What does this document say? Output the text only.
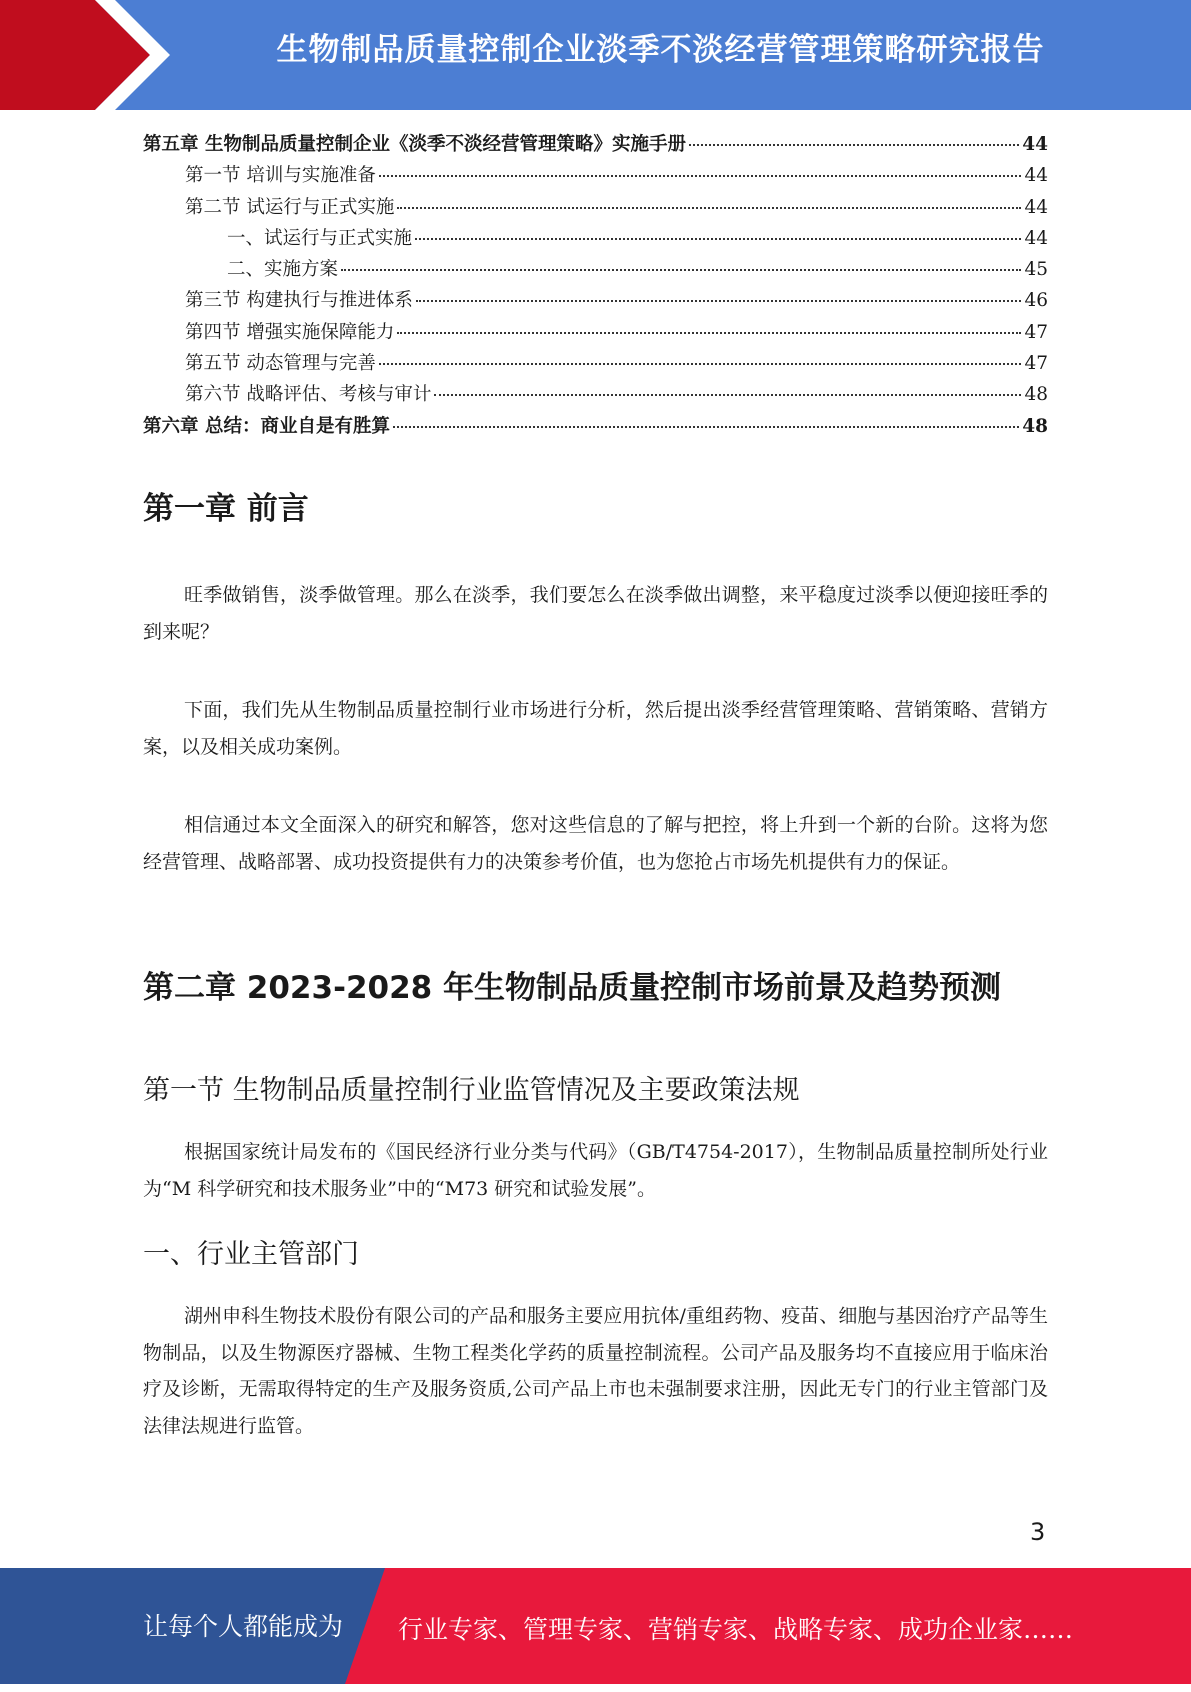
生物制品质量控制企业淡季不淡经营管理策略研究报告
第五章 生物制品质量控制企业《淡季不淡经营管理策略》实施手册	44
第一节 培训与实施准备	44
第二节 试运行与正式实施	44
一、试运行与正式实施	44
二、实施方案	45
第三节 构建执行与推进体系	46
第四节 增强实施保障能力	47
第五节 动态管理与完善	47
第六节 战略评估、考核与审计	48
第六章 总结：商业自是有胜算	48
第一章 前言

旺季做销售，淡季做管理。那么在淡季，我们要怎么在淡季做出调整，来平稳度过淡季以便迎接旺季的到来呢？

下面，我们先从生物制品质量控制行业市场进行分析，然后提出淡季经营管理策略、营销策略、营销方案，以及相关成功案例。

相信通过本文全面深入的研究和解答，您对这些信息的了解与把控，将上升到一个新的台阶。这将为您经营管理、战略部署、成功投资提供有力的决策参考价值，也为您抢占市场先机提供有力的保证。

第二章 2023-2028 年生物制品质量控制市场前景及趋势预测
第一节 生物制品质量控制行业监管情况及主要政策法规

根据国家统计局发布的《国民经济行业分类与代码》（GB/T4754-2017），生物制品质量控制所处行业为“M 科学研究和技术服务业”中的“M73 研究和试验发展”。

一、行业主管部门

湖州申科生物技术股份有限公司的产品和服务主要应用抗体/重组药物、疫苗、细胞与基因治疗产品等生物制品，以及生物源医疗器械、生物工程类化学药的质量控制流程。公司产品及服务均不直接应用于临床治疗及诊断，无需取得特定的生产及服务资质,公司产品上市也未强制要求注册，因此无专门的行业主管部门及法律法规进行监管。

3
让每个人都能成为 行业专家、管理专家、营销专家、战略专家、成功企业家……
